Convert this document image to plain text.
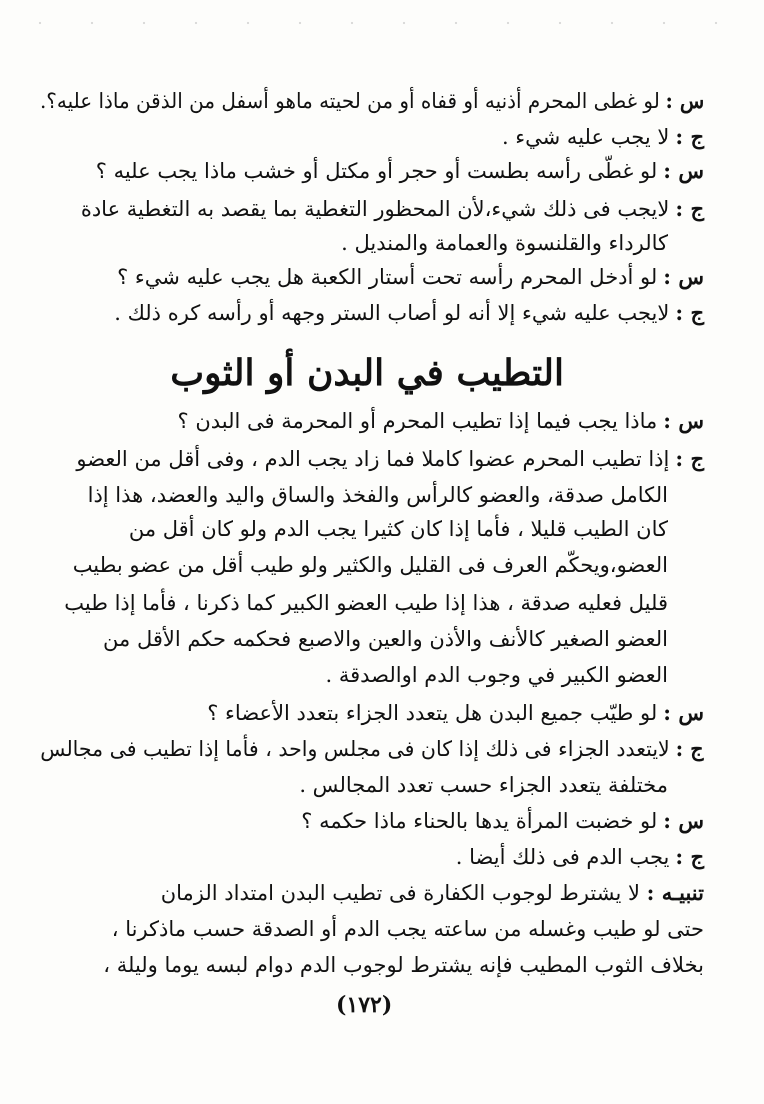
س :لو غطى المحرم أذنيه أو قفاه أو من لحيته ماهو أسفل من الذقن ماذا عليه؟.
ج :لا يجب عليه شيء .
س :لو غطّى رأسه بطست أو حجر أو مكتل أو خشب ماذا يجب عليه ؟
ج :لايجب فى ذلك شيء،لأن المحظور التغطية بما يقصد به التغطية عادة
كالرداء والقلنسوة والعمامة والمنديل .
س :لو أدخل المحرم رأسه تحت أستار الكعبة هل يجب عليه شيء ؟
ج :لايجب عليه شيء إلا أنه لو أصاب الستر وجهه أو رأسه كره ذلك .
التطيب في البدن أو الثوب
س :ماذا يجب فيما إذا تطيب المحرم أو المحرمة فى البدن ؟
ج :إذا تطيب المحرم عضوا كاملا فما زاد يجب الدم ، وفى أقل من العضو
الكامل صدقة، والعضو كالرأس والفخذ والساق واليد والعضد، هذا إذا
كان الطيب قليلا ، فأما إذا كان كثيرا يجب الدم ولو كان أقل من
العضو،ويحكّم العرف فى القليل والكثير ولو طيب أقل من عضو بطيب
قليل فعليه صدقة ، هذا إذا طيب العضو الكبير كما ذكرنا ، فأما إذا طيب
العضو الصغير كالأنف والأذن والعين والاصبع فحكمه حكم الأقل من
العضو الكبير في وجوب الدم اوالصدقة .
س :لو طيّب جميع البدن هل يتعدد الجزاء بتعدد الأعضاء ؟
ج :لايتعدد الجزاء فى ذلك إذا كان فى مجلس واحد ، فأما إذا تطيب فى مجالس
مختلفة يتعدد الجزاء حسب تعدد المجالس .
س :لو خضبت المرأة يدها بالحناء ماذا حكمه ؟
ج :يجب الدم فى ذلك أيضا .
تنبيـه : لا يشترط لوجوب الكفارة فى تطيب البدن امتداد الزمان
حتى لو طيب وغسله من ساعته يجب الدم أو الصدقة حسب ماذكرنا ،
بخلاف الثوب المطيب فإنه يشترط لوجوب الدم دوام لبسه يوما وليلة ،
(١٧٢)
